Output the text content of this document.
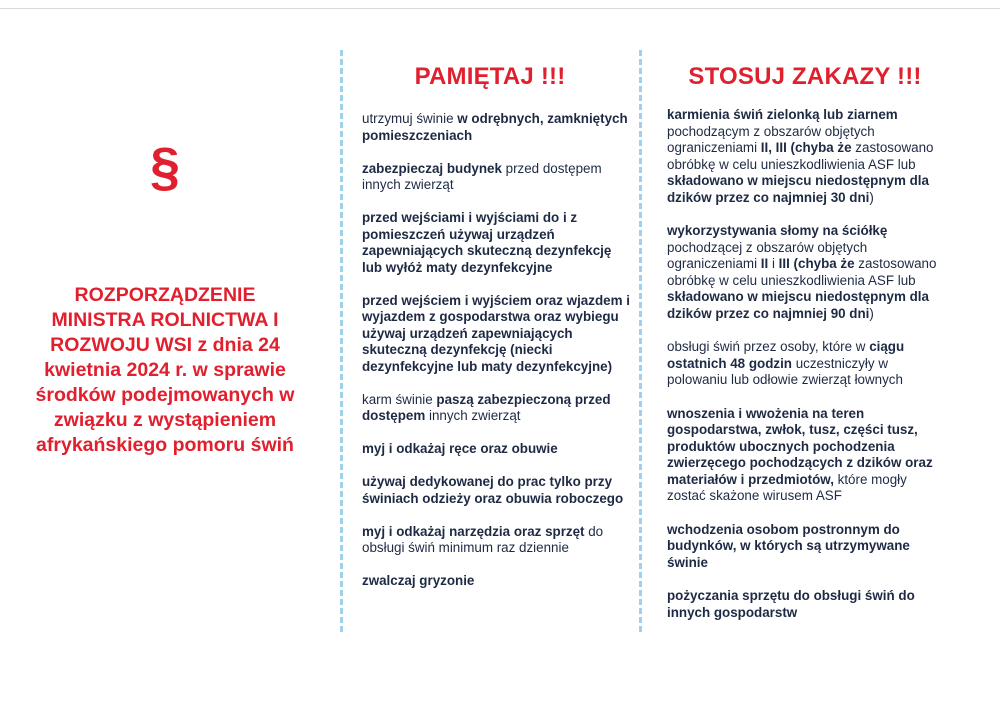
§
ROZPORZĄDZENIE MINISTRA ROLNICTWA I ROZWOJU WSI z dnia 24 kwietnia 2024 r. w sprawie środków podejmowanych w związku z wystąpieniem afrykańskiego pomoru świń
PAMIĘTAJ !!!

utrzymuj świnie w odrębnych, zamkniętych pomieszczeniach

zabezpieczaj budynek przed dostępem innych zwierząt

przed wejściami i wyjściami do i z pomieszczeń używaj urządzeń zapewniających skuteczną dezynfekcję lub wyłóż maty dezynfekcyjne

przed wejściem i wyjściem oraz wjazdem i wyjazdem z gospodarstwa oraz wybiegu używaj urządzeń zapewniających skuteczną dezynfekcję (niecki dezynfekcyjne lub maty dezynfekcyjne)

karm świnie paszą zabezpieczoną przed dostępem innych zwierząt

myj i odkażaj ręce oraz obuwie

używaj dedykowanej do prac tylko przy świniach odzieży oraz obuwia roboczego

myj i odkażaj narzędzia oraz sprzęt do obsługi świń minimum raz dziennie

zwalczaj gryzonie

STOSUJ ZAKAZY !!!

karmienia świń zielonką lub ziarnem pochodzącym z obszarów objętych ograniczeniami II, III (chyba że zastosowano obróbkę w celu unieszkodliwienia ASF lub składowano w miejscu niedostępnym dla dzików przez co najmniej 30 dni)

wykorzystywania słomy na ściółkę pochodzącej z obszarów objętych ograniczeniami II i III (chyba że zastosowano obróbkę w celu unieszkodliwienia ASF lub składowano w miejscu niedostępnym dla dzików przez co najmniej 90 dni)

obsługi świń przez osoby, które w ciągu ostatnich 48 godzin uczestniczyły w polowaniu lub odłowie zwierząt łownych

wnoszenia i wwożenia na teren gospodarstwa, zwłok, tusz, części tusz, produktów ubocznych pochodzenia zwierzęcego pochodzących z dzików oraz materiałów i przedmiotów, które mogły zostać skażone wirusem ASF

wchodzenia osobom postronnym do budynków, w których są utrzymywane świnie

pożyczania sprzętu do obsługi świń do innych gospodarstw
